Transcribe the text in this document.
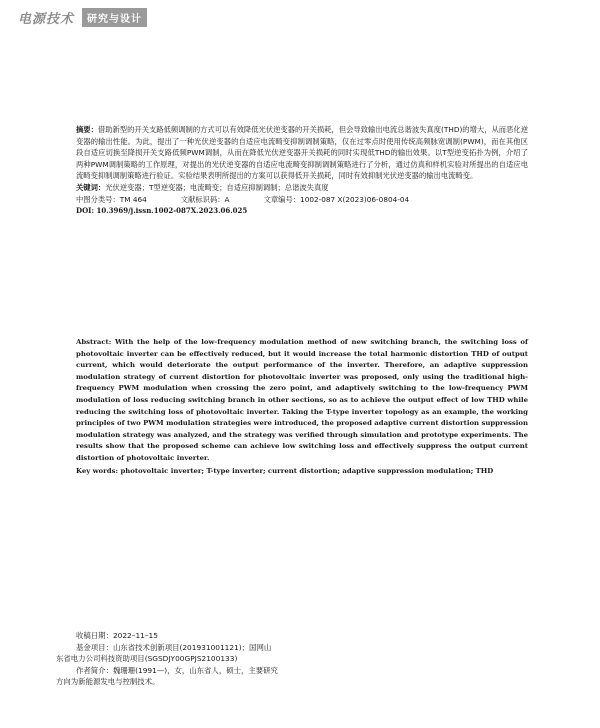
电源技术	研究与设计

摘要：借助新型的开关支路低频调制的方式可以有效降低光伏逆变器的开关损耗，但会导致输出电流总谐波失真度(THD)的增大，从而恶化逆变器的输出性能。为此，提出了一种光伏逆变器的自适应电流畸变抑制调制策略，仅在过零点时使用传统高频脉宽调制(PWM)，而在其他区段自适应切换至降损开关支路低频PWM调制，从而在降低光伏逆变器开关损耗的同时实现低THD的输出效果。以T型逆变拓扑为例，介绍了两种PWM调制策略的工作原理，对提出的光伏逆变器的自适应电流畸变抑制调制策略进行了分析，通过仿真和样机实验对所提出的自适应电流畸变抑制调制策略进行验证。实验结果表明所提出的方案可以获得低开关损耗，同时有效抑制光伏逆变器的输出电流畸变。

关键词：光伏逆变器；T型逆变器；电流畸变；自适应抑制调制；总谐波失真度

中图分类号：TM 464	文献标识码：A	文章编号：1002-087 X(2023)06-0804-04
DOI: 10.3969/j.issn.1002-087X.2023.06.025

Abstract: With the help of the low-frequency modulation method of new switching branch, the switching loss of photovoltaic inverter can be effectively reduced, but it would increase the total harmonic distortion THD of output current, which would deteriorate the output performance of the inverter. Therefore, an adaptive suppression modulation strategy of current distortion for photovoltaic inverter was proposed, only using the traditional high-frequency PWM modulation when crossing the zero point, and adaptively switching to the low-frequency PWM modulation of loss reducing switching branch in other sections, so as to achieve the output effect of low THD while reducing the switching loss of photovoltaic inverter. Taking the T-type inverter topology as an example, the working principles of two PWM modulation strategies were introduced, the proposed adaptive current distortion suppression modulation strategy was analyzed, and the strategy was verified through simulation and prototype experiments. The results show that the proposed scheme can achieve low switching loss and effectively suppress the output current distortion of photovoltaic inverter.

Key words: photovoltaic inverter; T-type inverter; current distortion; adaptive suppression modulation; THD

收稿日期：2022–11–15
基金项目：山东省技术创新项目(201931001121)；国网山
东省电力公司科技资助项目(SGSDJY00GPJS2100133)
作者简介：魏珊珊(1991—)，女，山东省人，硕士，主要研究
方向为新能源发电与控制技术。
